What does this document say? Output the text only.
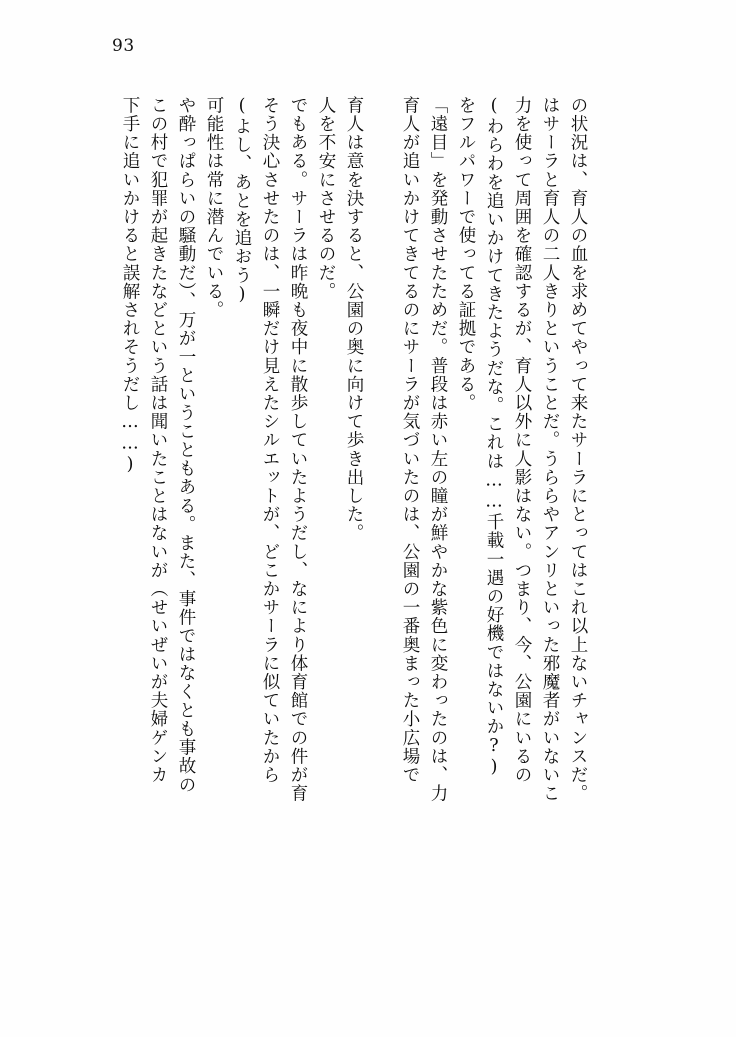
93
下手に追いかけると誤解されそうだし……) この村で犯罪が起きたなどという話は聞いたことはないが（せいぜいが夫婦ゲンカ や酔っぱらいの騒動だ）、万が一ということもある。また、事件ではなくとも事故の 可能性は常に潜んでいる。 (よし、あとを追おう) そう決心させたのは、一瞬だけ見えたシルエットが、どこかサーラに似ていたから でもある。サーラは昨晩も夜中に散歩していたようだし、なにより体育館での件が育 人を不安にさせるのだ。 育人は意を決すると、公園の奥に向けて歩き出した。	育人が追いかけてきてるのにサーラが気づいたのは、公園の一番奥まった小広場で 「遠目」を発動させたためだ。普段は赤い左の瞳が鮮やかな紫色に変わったのは、力 をフルパワーで使ってる証拠である。 (わらわを追いかけてきたようだな。これは……千載一遇の好機ではないか?) 力を使って周囲を確認するが、育人以外に人影はない。つまり、今、公園にいるの はサーラと育人の二人きりということだ。うららやアンリといった邪魔者がいないこ の状況は、育人の血を求めてやって来たサーラにとってはこれ以上ないチャンスだ。
